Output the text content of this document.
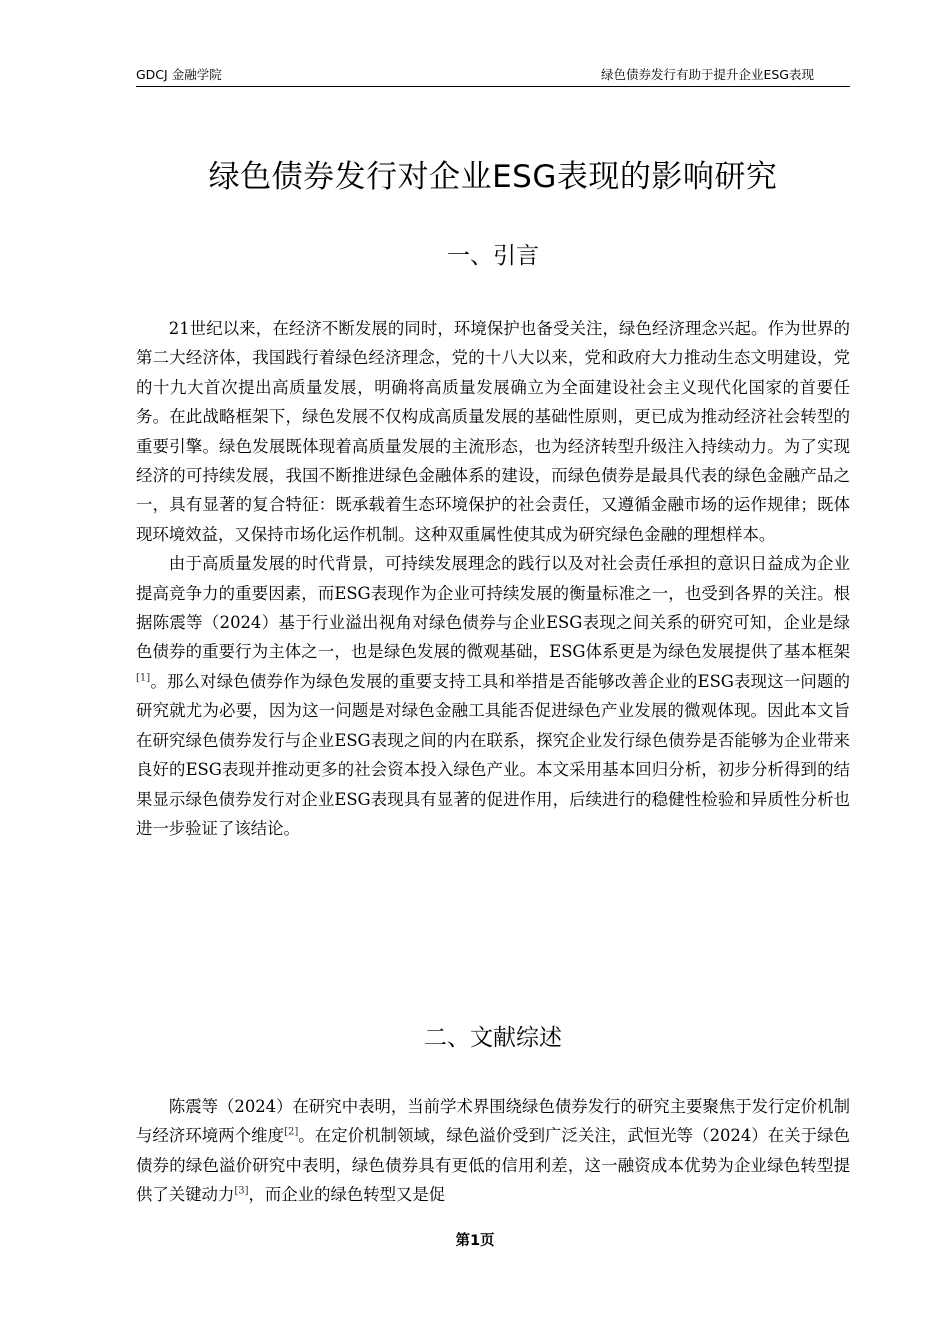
GDCJ 金融学院	绿色债券发行有助于提升企业ESG表现
绿色债券发行对企业ESG表现的影响研究
一、引言

21世纪以来，在经济不断发展的同时，环境保护也备受关注，绿色经济理念兴起。作为世界的第二大经济体，我国践行着绿色经济理念，党的十八大以来，党和政府大力推动生态文明建设，党的十九大首次提出高质量发展，明确将高质量发展确立为全面建设社会主义现代化国家的首要任务。在此战略框架下，绿色发展不仅构成高质量发展的基础性原则，更已成为推动经济社会转型的重要引擎。绿色发展既体现着高质量发展的主流形态，也为经济转型升级注入持续动力。为了实现经济的可持续发展，我国不断推进绿色金融体系的建设，而绿色债券是最具代表的绿色金融产品之一，具有显著的复合特征：既承载着生态环境保护的社会责任，又遵循金融市场的运作规律；既体现环境效益，又保持市场化运作机制。这种双重属性使其成为研究绿色金融的理想样本。

由于高质量发展的时代背景，可持续发展理念的践行以及对社会责任承担的意识日益成为企业提高竞争力的重要因素，而ESG表现作为企业可持续发展的衡量标准之一，也受到各界的关注。根据陈震等（2024）基于行业溢出视角对绿色债券与企业ESG表现之间关系的研究可知，企业是绿色债券的重要行为主体之一，也是绿色发展的微观基础，ESG体系更是为绿色发展提供了基本框架[1]。那么对绿色债券作为绿色发展的重要支持工具和举措是否能够改善企业的ESG表现这一问题的研究就尤为必要，因为这一问题是对绿色金融工具能否促进绿色产业发展的微观体现。因此本文旨在研究绿色债券发行与企业ESG表现之间的内在联系，探究企业发行绿色债券是否能够为企业带来良好的ESG表现并推动更多的社会资本投入绿色产业。本文采用基本回归分析，初步分析得到的结果显示绿色债券发行对企业ESG表现具有显著的促进作用，后续进行的稳健性检验和异质性分析也进一步验证了该结论。

二、文献综述

陈震等（2024）在研究中表明，当前学术界围绕绿色债券发行的研究主要聚焦于发行定价机制与经济环境两个维度[2]。在定价机制领域，绿色溢价受到广泛关注，武恒光等（2024）在关于绿色债券的绿色溢价研究中表明，绿色债券具有更低的信用利差，这一融资成本优势为企业绿色转型提供了关键动力[3]，而企业的绿色转型又是促

第1页
